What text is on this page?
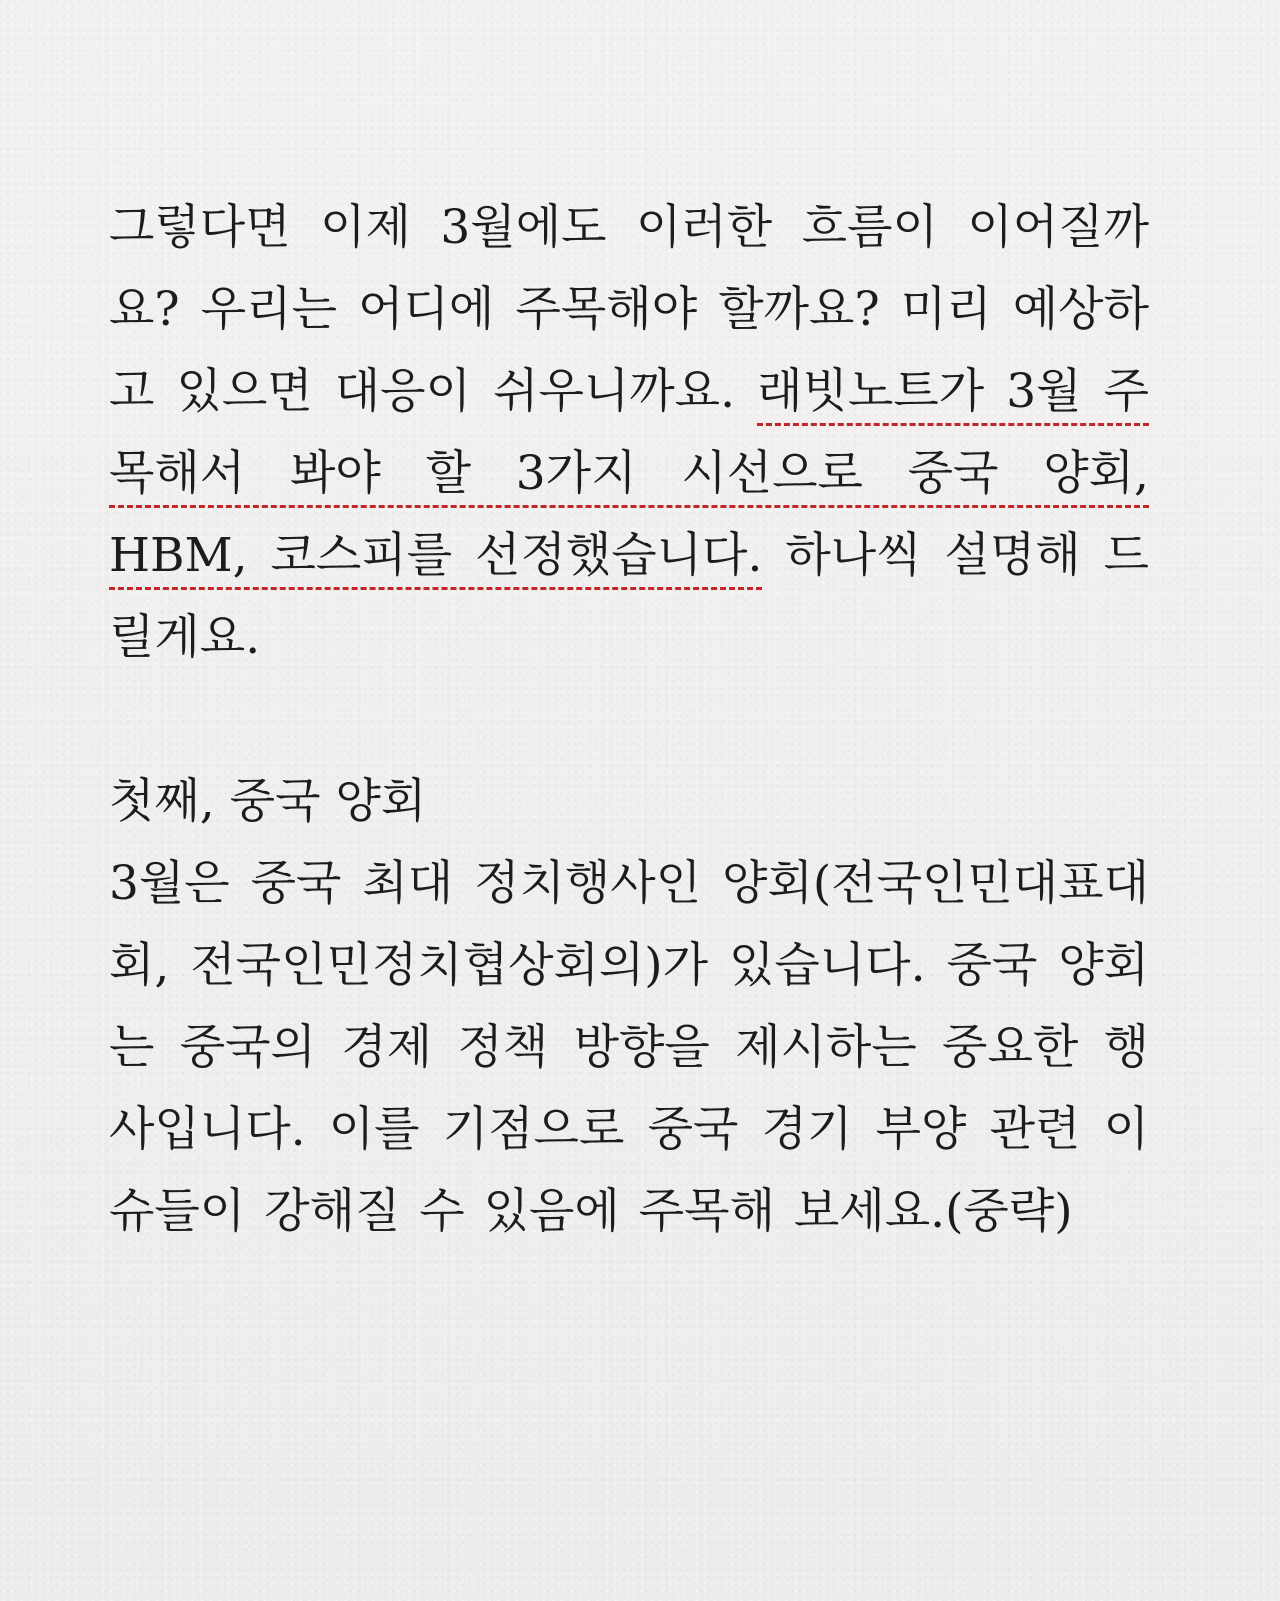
그렇다면 이제 3월에도 이러한 흐름이 이어질까요? 우리는 어디에 주목해야 할까요? 미리 예상하고 있으면 대응이 쉬우니까요. 래빗노트가 3월 주목해서 봐야 할 3가지 시선으로 중국 양회, HBM, 코스피를 선정했습니다. 하나씩 설명해 드릴게요.

첫째, 중국 양회

3월은 중국 최대 정치행사인 양회(전국인민대표대회, 전국인민정치협상회의)가 있습니다. 중국 양회는 중국의 경제 정책 방향을 제시하는 중요한 행사입니다. 이를 기점으로 중국 경기 부양 관련 이슈들이 강해질 수 있음에 주목해 보세요.(중략)
